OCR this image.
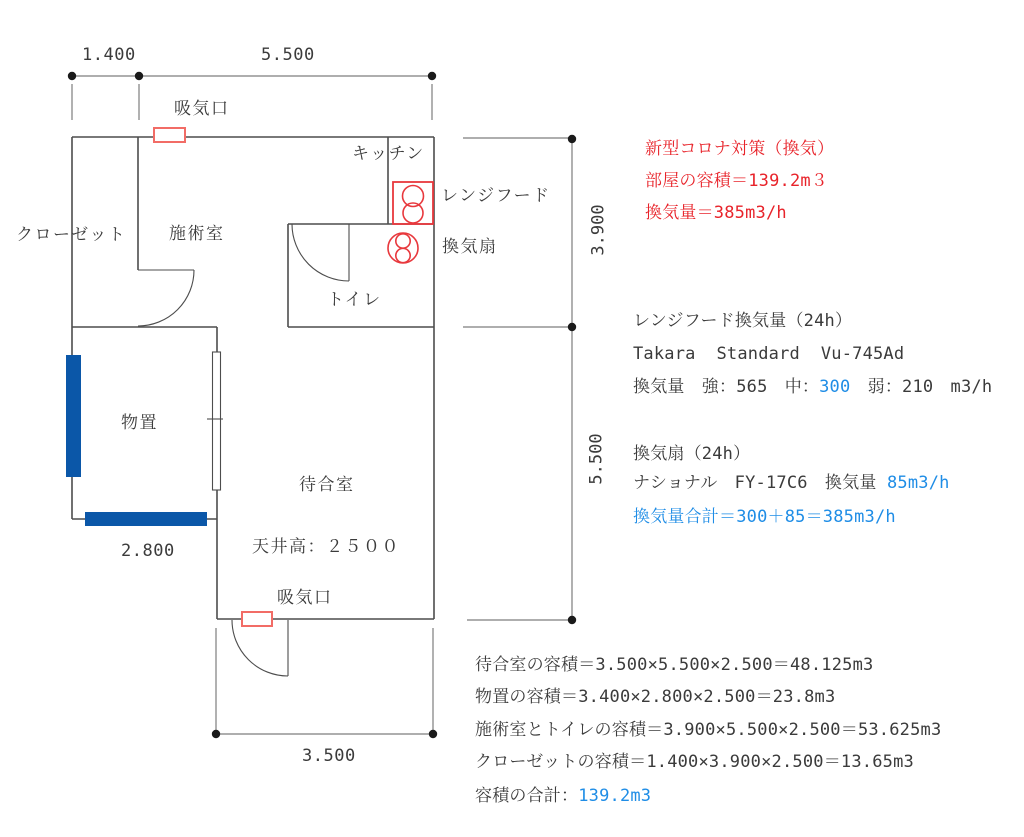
吸気口
キッチン
レンジフード
クローゼット	施術室
換気扇
トイレ
物置
待合室
天井高：２５００
吸気口
1.400	5.500
2.800
3.500
3.900
5.500
新型コロナ対策（換気）
部屋の容積＝139.2m３
換気量＝385m3/h
レンジフード換気量（24h）
Takara  Standard  Vu-745Ad
換気量　強：565　中：300　弱：210　m3/h
換気扇（24h）
ナショナル　FY-17C6　換気量 85m3/h
換気量合計＝300＋85＝385m3/h
待合室の容積＝3.500×5.500×2.500＝48.125m3
物置の容積＝3.400×2.800×2.500＝23.8m3
施術室とトイレの容積＝3.900×5.500×2.500＝53.625m3
クローゼットの容積＝1.400×3.900×2.500＝13.65m3
容積の合計：139.2m3
